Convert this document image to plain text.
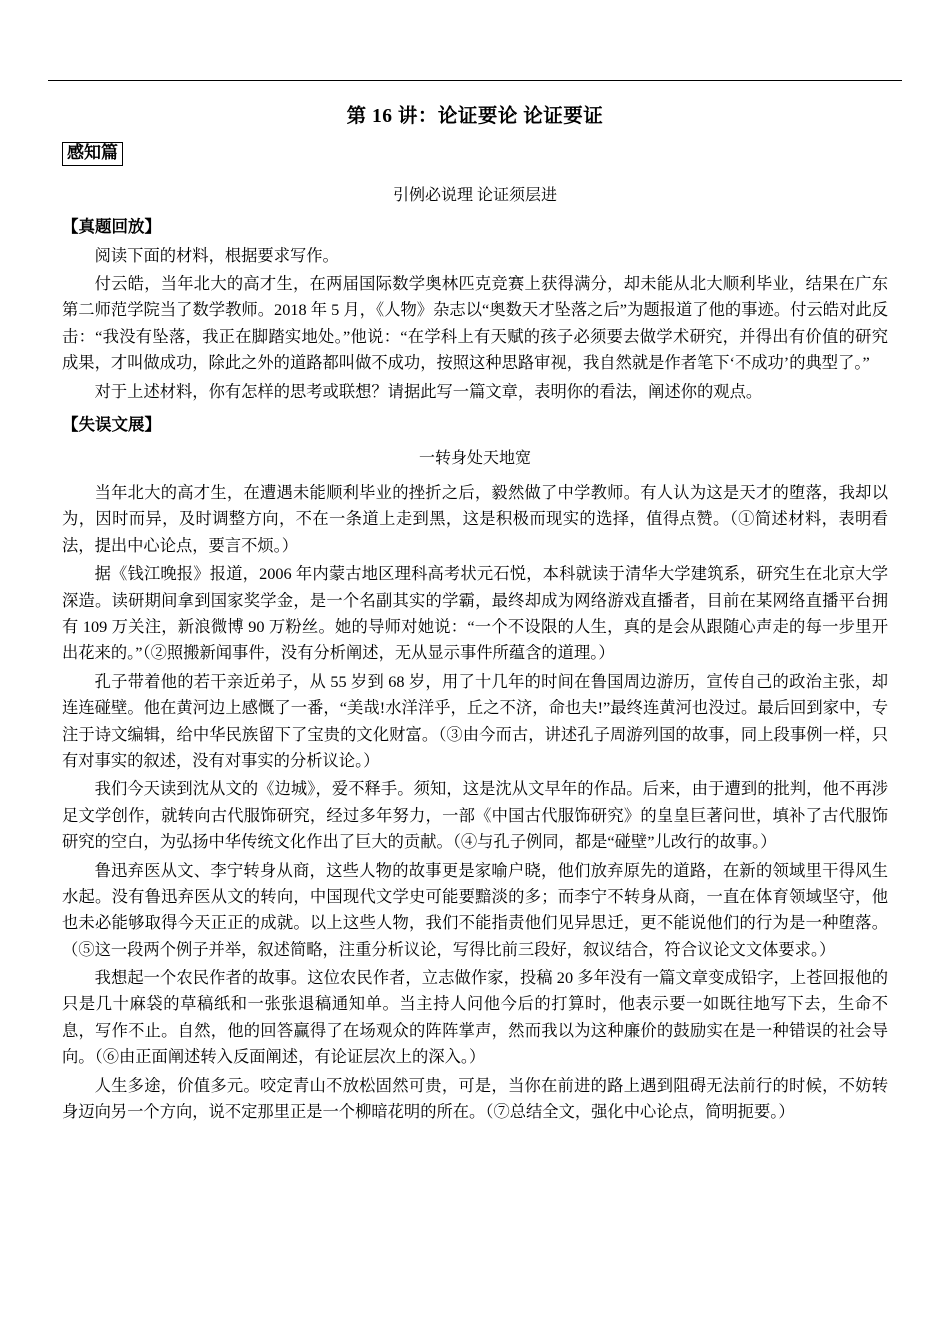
第 16 讲：论证要论 论证要证
感知篇
引例必说理 论证须层进
【真题回放】

阅读下面的材料，根据要求写作。

付云皓，当年北大的高才生，在两届国际数学奥林匹克竞赛上获得满分，却未能从北大顺利毕业，结果在广东第二师范学院当了数学教师。2018 年 5 月，《人物》杂志以“奥数天才坠落之后”为题报道了他的事迹。付云皓对此反击：“我没有坠落，我正在脚踏实地处。”他说：“在学科上有天赋的孩子必须要去做学术研究，并得出有价值的研究成果，才叫做成功，除此之外的道路都叫做不成功，按照这种思路审视，我自然就是作者笔下‘不成功’的典型了。”

对于上述材料，你有怎样的思考或联想？请据此写一篇文章，表明你的看法，阐述你的观点。

【失误文展】
一转身处天地宽

当年北大的高才生，在遭遇未能顺利毕业的挫折之后，毅然做了中学教师。有人认为这是天才的堕落，我却以为，因时而异，及时调整方向，不在一条道上走到黑，这是积极而现实的选择，值得点赞。（①简述材料，表明看法，提出中心论点，要言不烦。）

据《钱江晚报》报道，2006 年内蒙古地区理科高考状元石悦，本科就读于清华大学建筑系，研究生在北京大学深造。读研期间拿到国家奖学金，是一个名副其实的学霸，最终却成为网络游戏直播者，目前在某网络直播平台拥有 109 万关注，新浪微博 90 万粉丝。她的导师对她说：“一个不设限的人生，真的是会从跟随心声走的每一步里开出花来的。”（②照搬新闻事件，没有分析阐述，无从显示事件所蕴含的道理。）

孔子带着他的若干亲近弟子，从 55 岁到 68 岁，用了十几年的时间在鲁国周边游历，宣传自己的政治主张，却连连碰壁。他在黄河边上感慨了一番，“美哉!水洋洋乎，丘之不济，命也夫!”最终连黄河也没过。最后回到家中，专注于诗文编辑，给中华民族留下了宝贵的文化财富。（③由今而古，讲述孔子周游列国的故事，同上段事例一样，只有对事实的叙述，没有对事实的分析议论。）

我们今天读到沈从文的《边城》，爱不释手。须知，这是沈从文早年的作品。后来，由于遭到的批判，他不再涉足文学创作，就转向古代服饰研究，经过多年努力，一部《中国古代服饰研究》的皇皇巨著问世，填补了古代服饰研究的空白，为弘扬中华传统文化作出了巨大的贡献。（④与孔子例同，都是“碰壁”儿改行的故事。）

鲁迅弃医从文、李宁转身从商，这些人物的故事更是家喻户晓，他们放弃原先的道路，在新的领域里干得风生水起。没有鲁迅弃医从文的转向，中国现代文学史可能要黯淡的多；而李宁不转身从商，一直在体育领域坚守，他也未必能够取得今天正正的成就。以上这些人物，我们不能指责他们见异思迁，更不能说他们的行为是一种堕落。（⑤这一段两个例子并举，叙述简略，注重分析议论，写得比前三段好，叙议结合，符合议论文文体要求。）

我想起一个农民作者的故事。这位农民作者，立志做作家，投稿 20 多年没有一篇文章变成铅字，上苍回报他的只是几十麻袋的草稿纸和一张张退稿通知单。当主持人问他今后的打算时，他表示要一如既往地写下去，生命不息，写作不止。自然，他的回答赢得了在场观众的阵阵掌声，然而我以为这种廉价的鼓励实在是一种错误的社会导向。（⑥由正面阐述转入反面阐述，有论证层次上的深入。）

人生多途，价值多元。咬定青山不放松固然可贵，可是，当你在前进的路上遇到阻碍无法前行的时候，不妨转身迈向另一个方向，说不定那里正是一个柳暗花明的所在。（⑦总结全文，强化中心论点，简明扼要。）
